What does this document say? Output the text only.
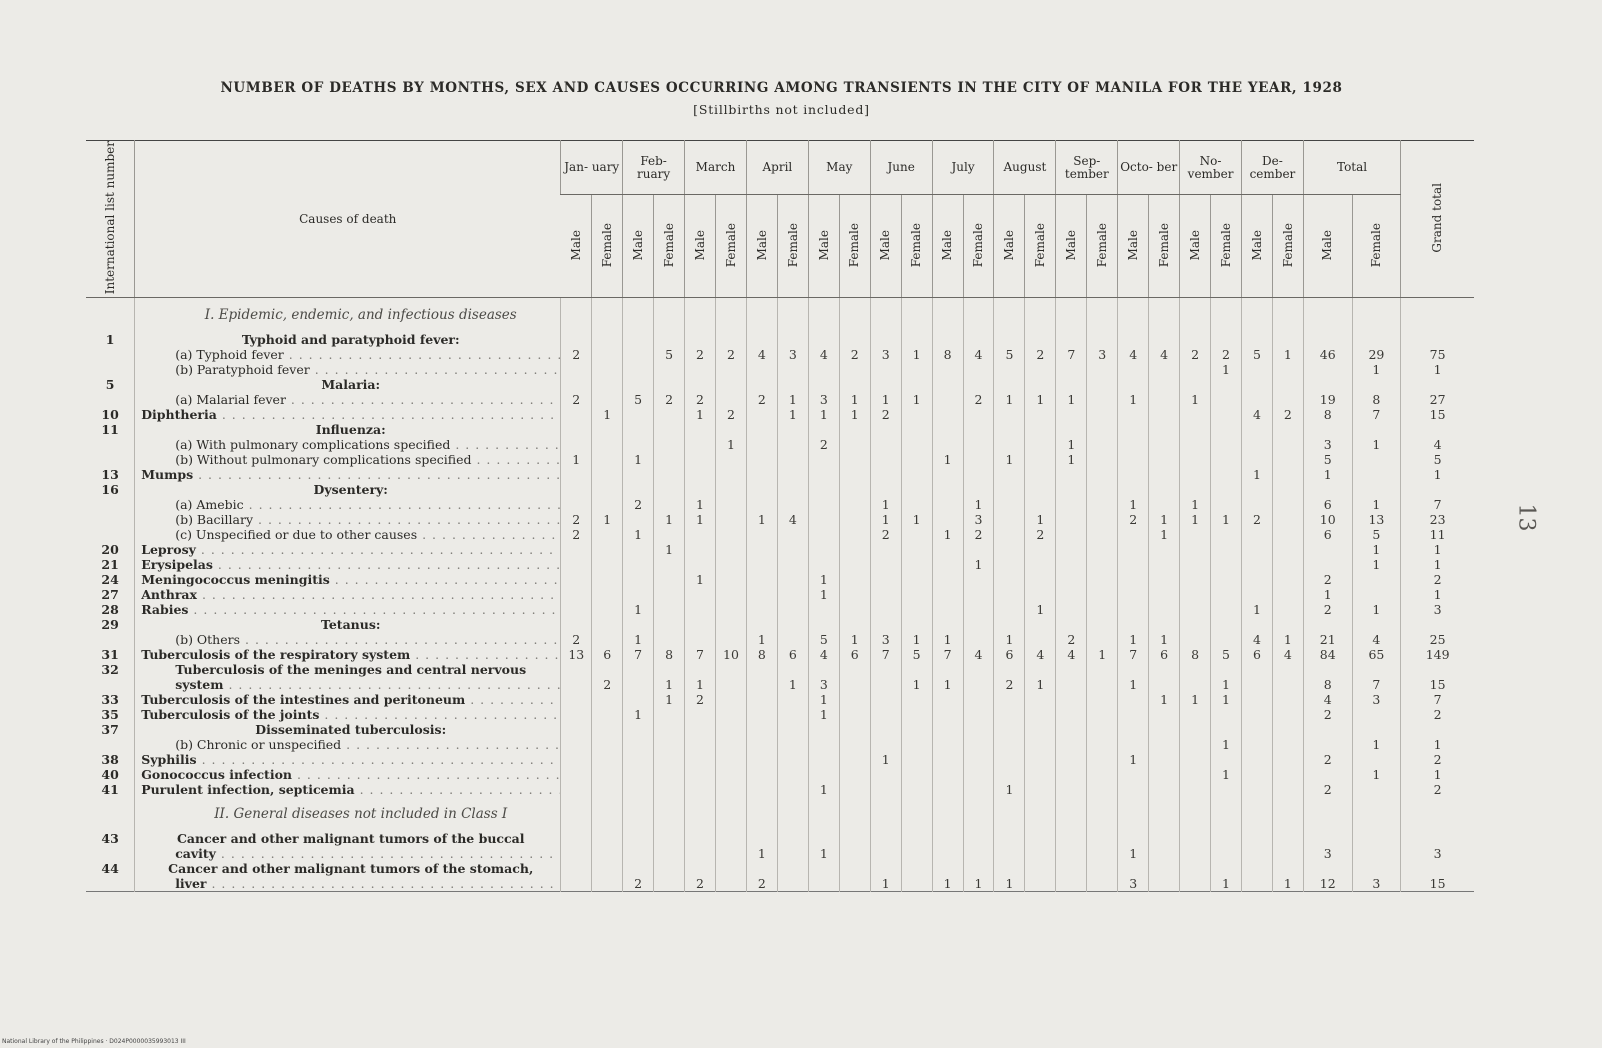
NUMBER OF DEATHS BY MONTHS, SEX AND CAUSES OCCURRING AMONG TRANSIENTS IN THE CITY OF MANILA FOR THE YEAR, 1928
[Stillbirths not included]
International list number	Causes of death	Jan- uary		Feb- ruary		March		April		May		June		July		August		Sep- tember		Octo- ber		No- vember		De- cember		Total		Grand total
		Male	Female	Male	Female	Male	Female	Male	Female	Male	Female	Male	Female	Male	Female	Male	Female	Male	Female	Male	Female	Male	Female	Male	Female	Male	Female	
	I. Epidemic, endemic, and infectious diseases																											
1	Typhoid and paratyphoid fever:																											
	(a) Typhoid fever . . .	2			5	2	2	4	3	4	2	3	1	8	4	5	2	7	3	4	4	2	2	5	1	46	29	75
	(b) Paratyphoid fever . . .																						1				1	1
5	Malaria:																											
	(a) Malarial fever . . .	2		5	2	2		2	1	3	1	1	1		2	1	1	1		1		1				19	8	27
10	Diphtheria . . .		1			1	2		1	1	1	2												4	2	8	7	15
11	Influenza:																											
	(a) With pulmonary complications specified . . .						1			2								1								3	1	4
	(b) Without pulmonary complications specified . . .	1		1										1		1		1								5		5
13	Mumps . . .																							1		1		1
16	Dysentery:																											
	(a) Amebic . . .			2		1						1			1					1		1				6	1	7
	(b) Bacillary . . .	2	1		1	1		1	4			1	1		3		1			2	1	1	1	2		10	13	23
	(c) Unspecified or due to other causes . . .	2		1								2		1	2		2				1					6	5	11
20	Leprosy . . .				1																						1	1
21	Erysipelas . . .														1												1	1
24	Meningococcus meningitis . . .					1				1																2		2
27	Anthrax . . .									1																1		1
28	Rabies . . .			1													1							1		2	1	3
29	Tetanus:																											
	(b) Others . . .	2		1				1		5	1	3	1	1		1		2		1	1			4	1	21	4	25
31	Tuberculosis of the respiratory system . . .	13	6	7	8	7	10	8	6	4	6	7	5	7	4	6	4	4	1	7	6	8	5	6	4	84	65	149
32	Tuberculosis of the meninges and central nervous																											
	system . . .		2		1	1			1	3			1	1		2	1			1			1			8	7	15
33	Tuberculosis of the intestines and peritoneum . . .				1	2				1											1	1	1			4	3	7
35	Tuberculosis of the joints . . .			1						1																2		2
37	Disseminated tuberculosis:																											
	(b) Chronic or unspecified . . .																						1				1	1
38	Syphilis . . .											1								1						2		2
40	Gonococcus infection . . .																						1				1	1
41	Purulent infection, septicemia . . .									1						1										2		2
	II. General diseases not included in Class I																											
43	Cancer and other malignant tumors of the buccal																											
	cavity . . .							1		1										1						3		3
44	Cancer and other malignant tumors of the stomach,																											
	liver . . .			2		2		2				1		1	1	1				3			1		1	12	3	15
13
National Library of the Philippines · D024P0000035993013 III
